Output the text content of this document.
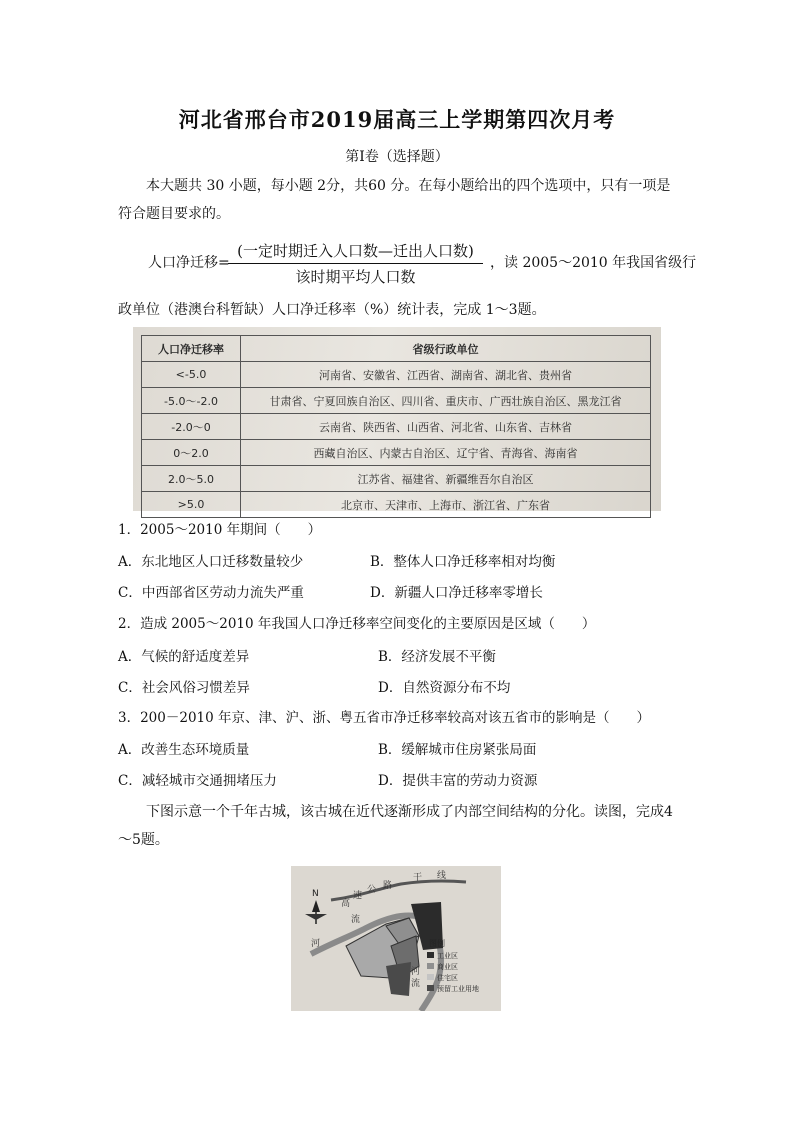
河北省邢台市2019届高三上学期第四次月考
第Ⅰ卷（选择题）
本大题共 30 小题，每小题 2分，共60 分。在每小题给出的四个选项中，只有一项是符合题目要求的。
人口净迁移=
(一定时期迁入人口数—迁出人口数)
该时期平均人口数
，读 2005～2010 年我国省级行
政单位（港澳台科暂缺）人口净迁移率（%）统计表，完成 1～3题。
人口净迁移率	省级行政单位
<-5.0	河南省、安徽省、江西省、湖南省、湖北省、贵州省
-5.0～-2.0	甘肃省、宁夏回族自治区、四川省、重庆市、广西壮族自治区、黑龙江省
-2.0～0	云南省、陕西省、山西省、河北省、山东省、吉林省
0～2.0	西藏自治区、内蒙古自治区、辽宁省、青海省、海南省
2.0～5.0	江苏省、福建省、新疆维吾尔自治区
>5.0	北京市、天津市、上海市、浙江省、广东省
1．2005～2010 年期间（　　）
A．东北地区人口迁移数量较少	B．整体人口净迁移率相对均衡
C．中西部省区劳动力流失严重	D．新疆人口净迁移率零增长
2．造成 2005～2010 年我国人口净迁移率空间变化的主要原因是区域（　　）
A．气候的舒适度差异	B．经济发展不平衡
C．社会风俗习惯差异	D．自然资源分布不均
3．200－2010 年京、津、沪、浙、粤五省市净迁移率较高对该五省市的影响是（　　）
A．改善生态环境质量	B．缓解城市住房紧张局面
C．减轻城市交通拥堵压力	D．提供丰富的劳动力资源
下图示意一个千年古城，该古城在近代逐渐形成了内部空间结构的分化。读图，完成4～5题。
N
高
速
公 路
干 线
河
流
河
流
图例
工业区
商业区
住宅区
预留工业用地
